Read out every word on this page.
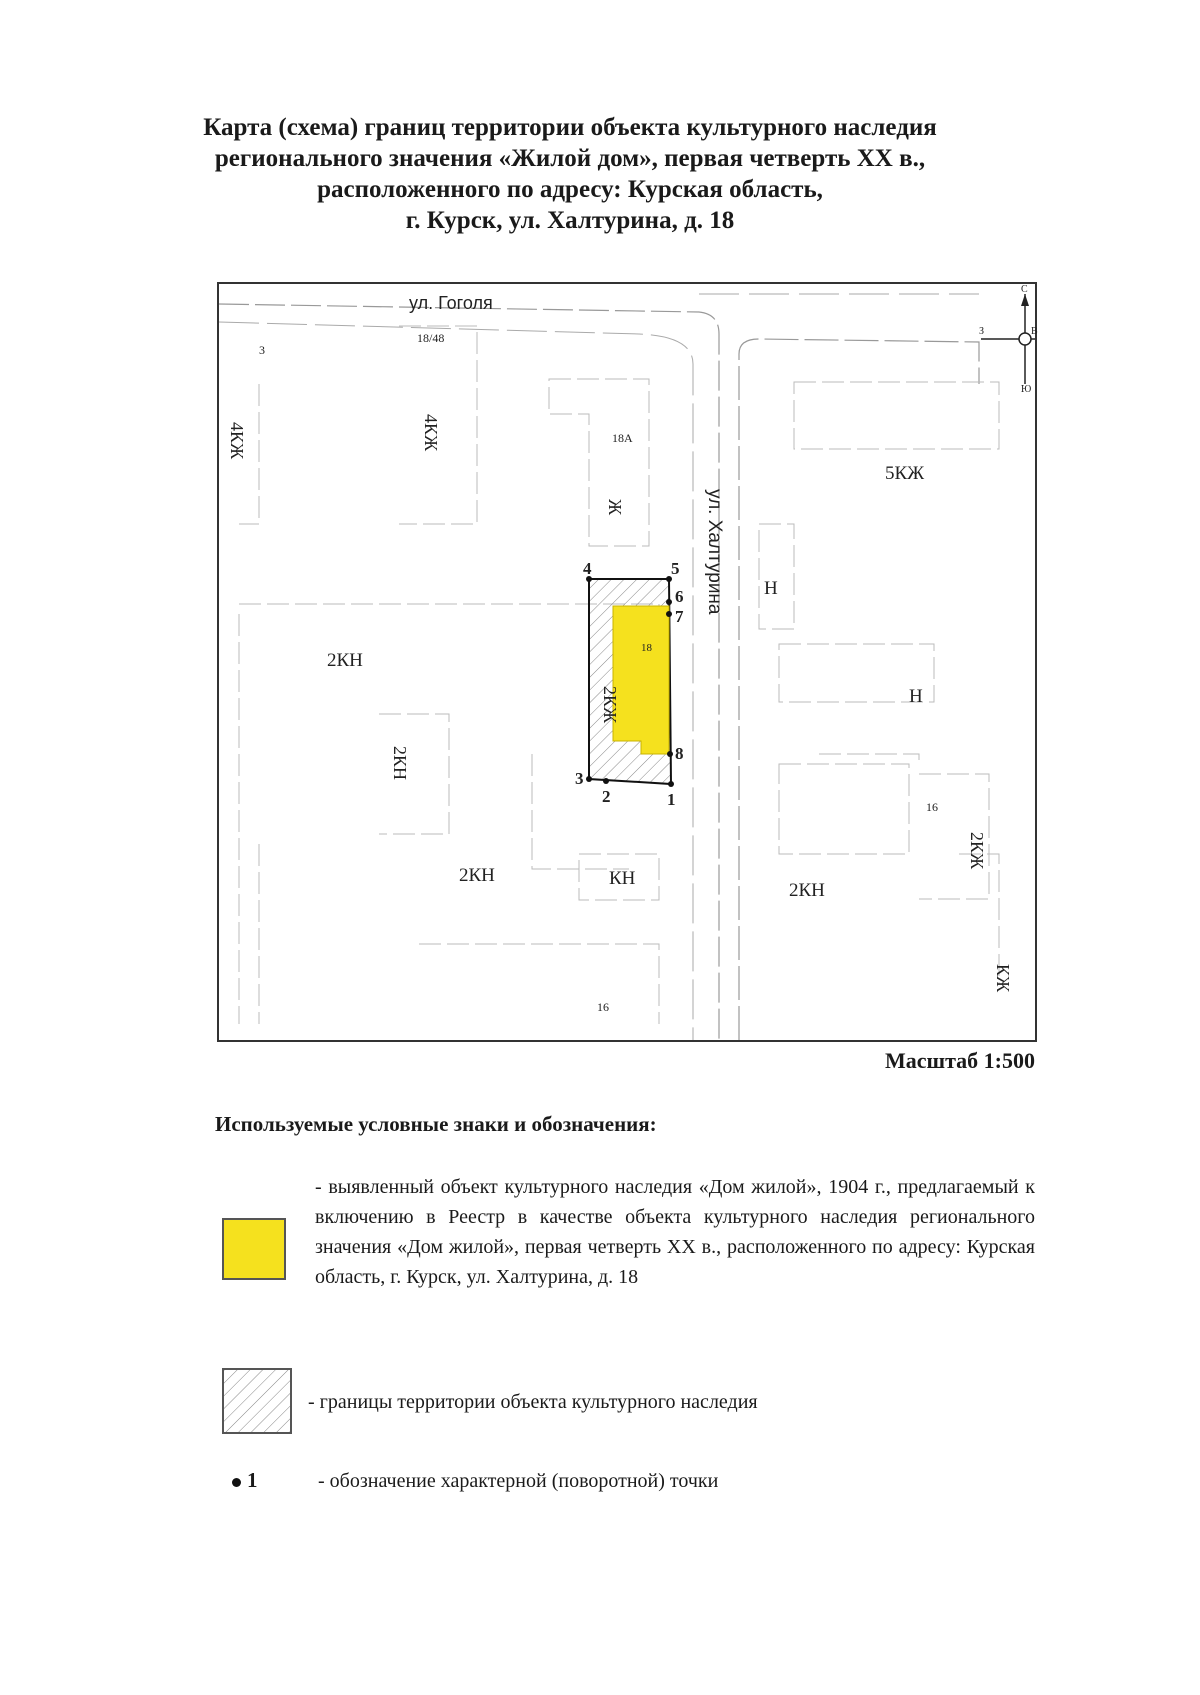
Карта (схема) границ территории объекта культурного наследия
регионального значения «Жилой дом», первая четверть XX в.,
расположенного по адресу: Курская область,
г. Курск, ул. Халтурина, д. 18
1
2
3
4	5
6
7
8
ул. Гоголя
ул. Халтурина
3
18/48
4КЖ	4КЖ	18А
Ж
5КЖ
Н
Н
2КН
2КН
2КН	КН
2КН
2КЖ
18
16
2КЖ
КЖ
16
С
Ю
З	В
Масштаб 1:500
Используемые условные знаки и обозначения:
- выявленный объект культурного наследия «Дом жилой», 1904 г., предлагаемый к включению в Реестр в качестве объекта культурного наследия регионального значения «Дом жилой», первая четверть XX в., расположенного по адресу: Курская область, г. Курск, ул. Халтурина, д. 18
- границы территории объекта культурного наследия
1	- обозначение характерной (поворотной) точки
